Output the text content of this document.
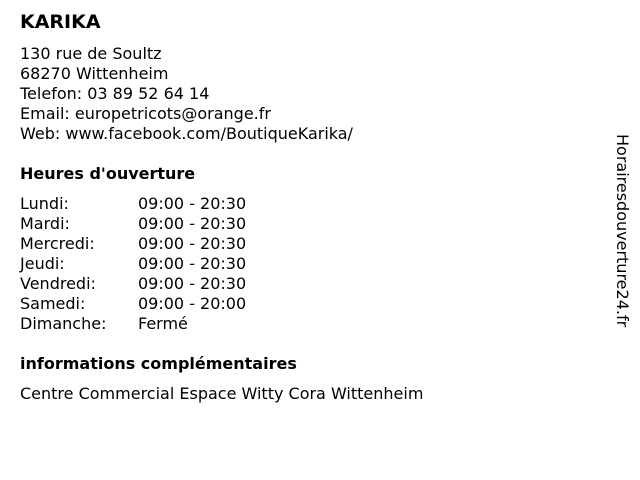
KARIKA
130 rue de Soultz
68270 Wittenheim
Telefon: 03 89 52 64 14
Email: europetricots@orange.fr
Web: www.facebook.com/BoutiqueKarika/
Heures d'ouverture
Lundi:	09:00 - 20:30
Mardi:	09:00 - 20:30
Mercredi:	09:00 - 20:30
Jeudi:	09:00 - 20:30
Vendredi:	09:00 - 20:30
Samedi:	09:00 - 20:00
Dimanche:	Fermé
informations complémentaires
Centre Commercial Espace Witty Cora Wittenheim
Horairesdouverture24.fr
